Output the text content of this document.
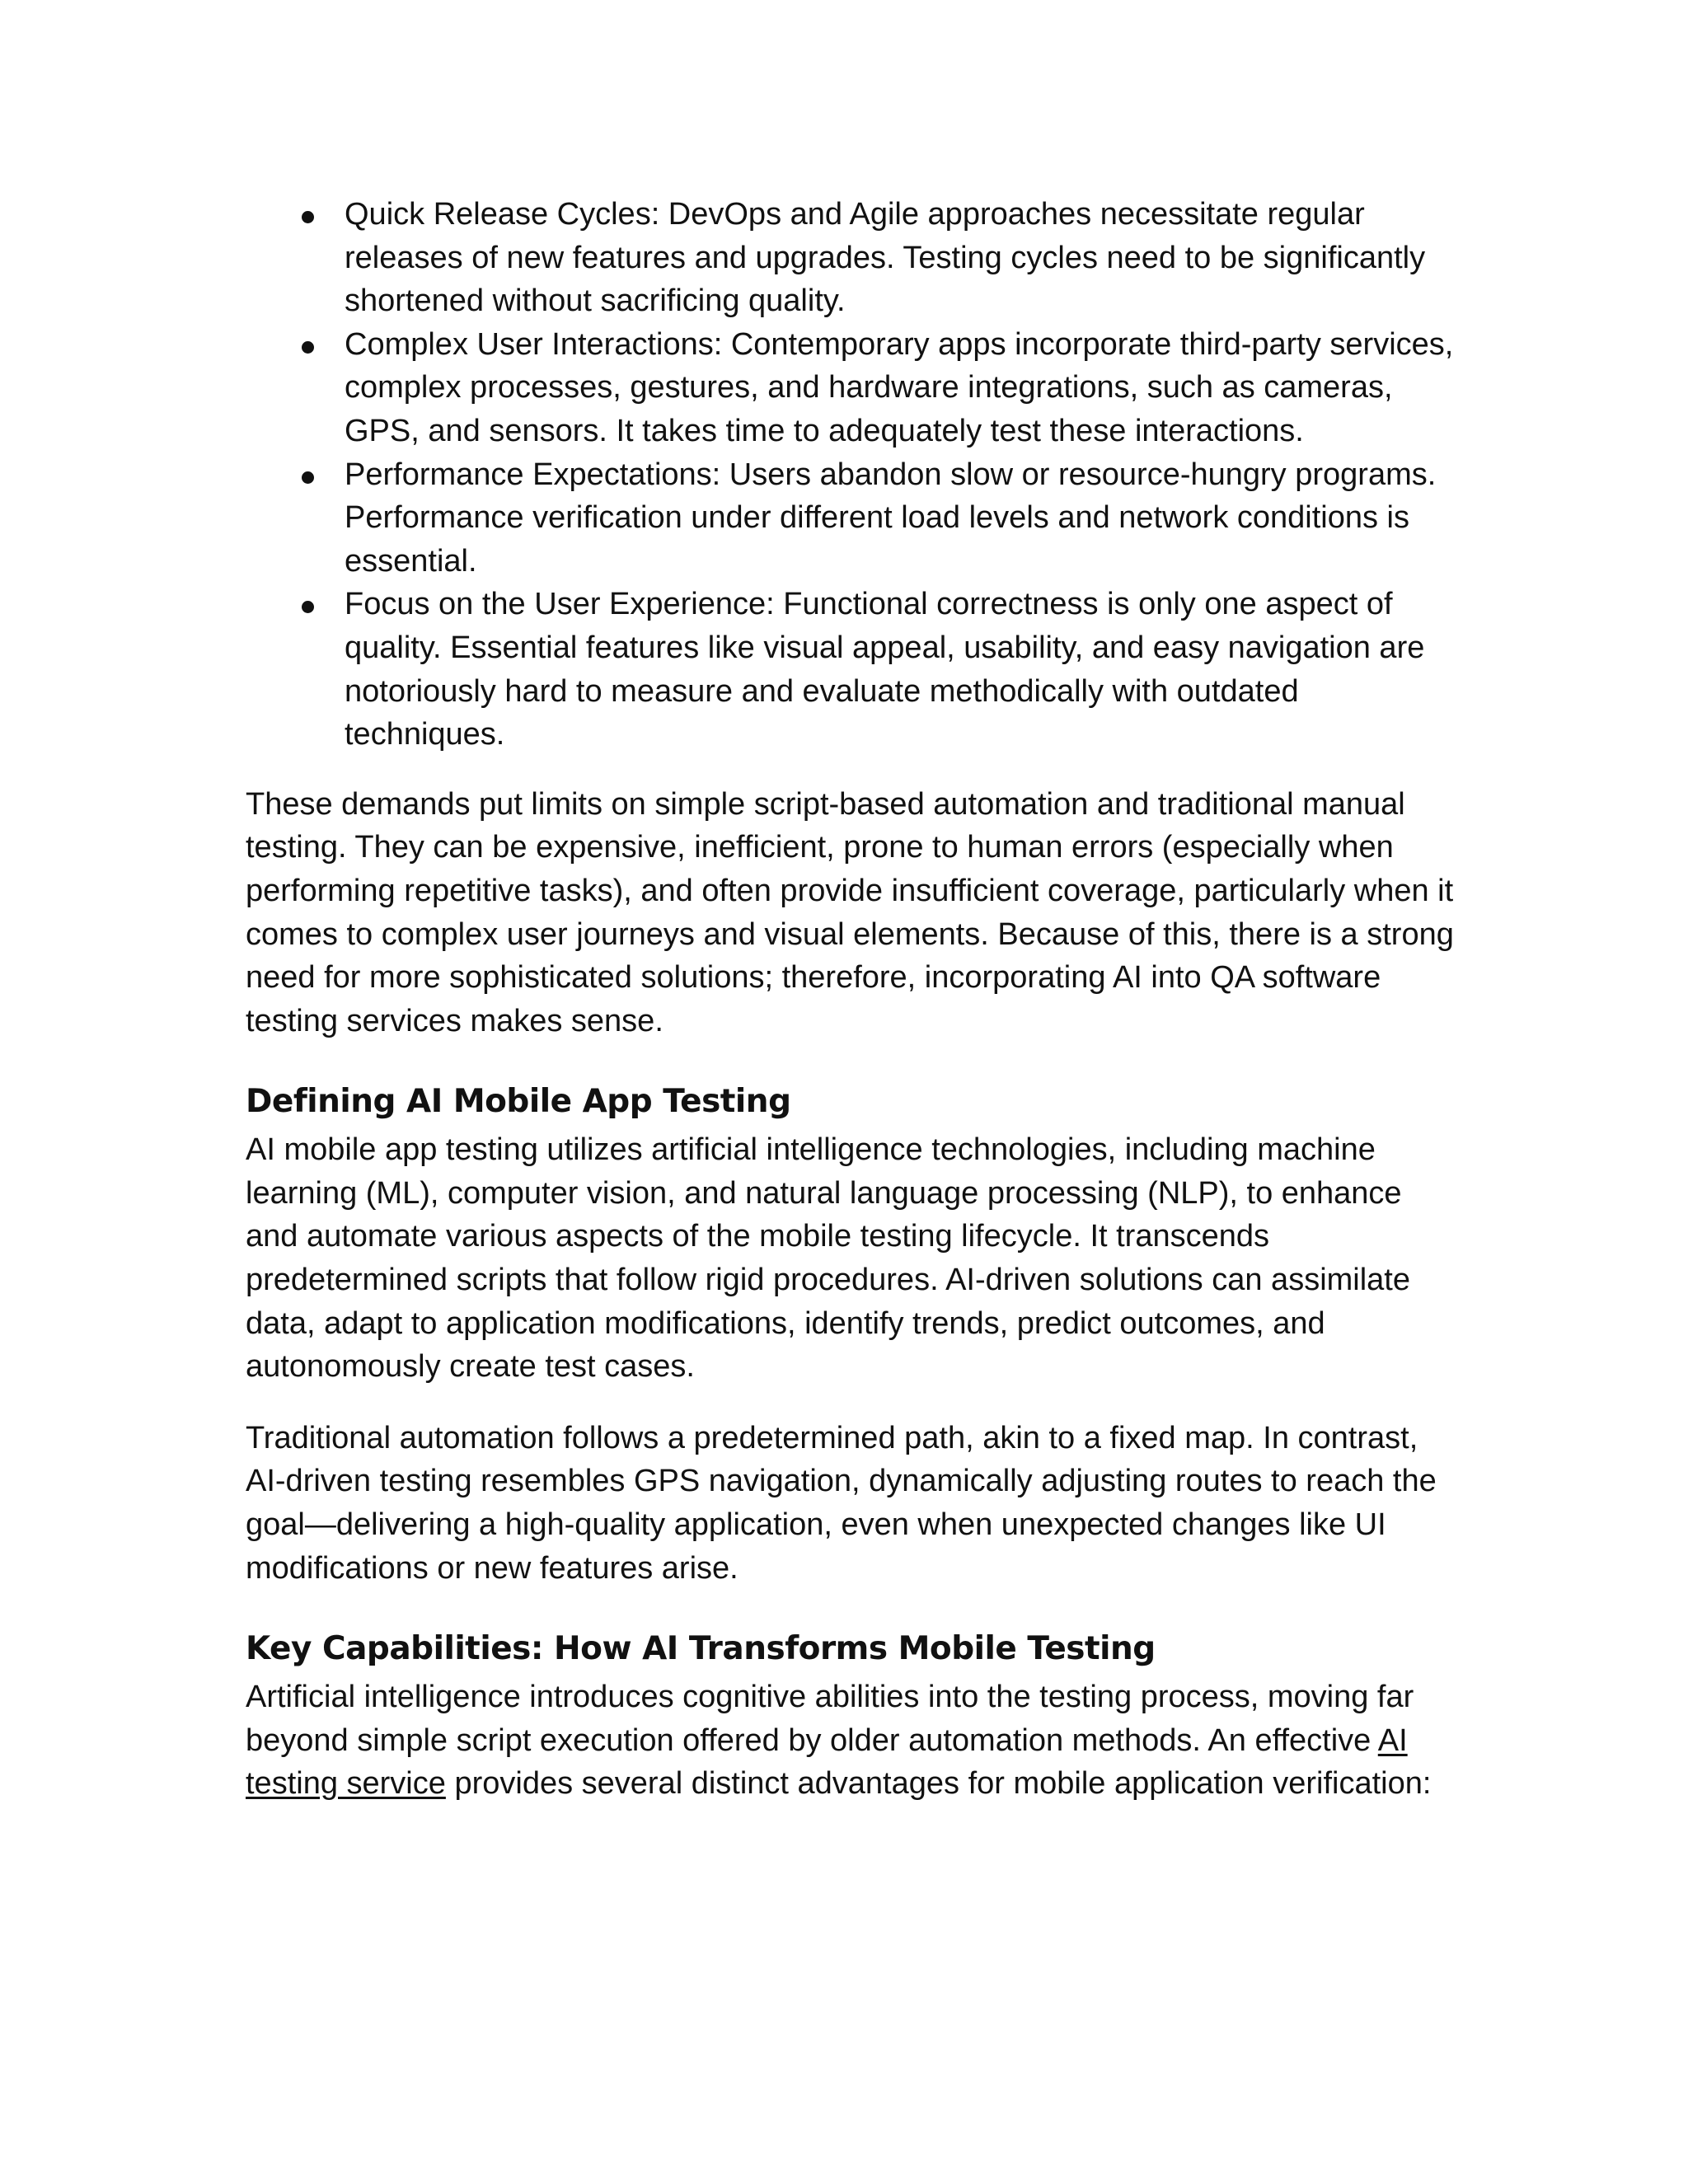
Quick Release Cycles: DevOps and Agile approaches necessitate regular releases of new features and upgrades. Testing cycles need to be significantly shortened without sacrificing quality.
Complex User Interactions: Contemporary apps incorporate third-party services, complex processes, gestures, and hardware integrations, such as cameras, GPS, and sensors. It takes time to adequately test these interactions.
Performance Expectations: Users abandon slow or resource-hungry programs. Performance verification under different load levels and network conditions is essential.
Focus on the User Experience: Functional correctness is only one aspect of quality. Essential features like visual appeal, usability, and easy navigation are notoriously hard to measure and evaluate methodically with outdated techniques.

These demands put limits on simple script-based automation and traditional manual testing. They can be expensive, inefficient, prone to human errors (especially when performing repetitive tasks), and often provide insufficient coverage, particularly when it comes to complex user journeys and visual elements. Because of this, there is a strong need for more sophisticated solutions; therefore, incorporating AI into QA software testing services makes sense.

Defining AI Mobile App Testing

AI mobile app testing utilizes artificial intelligence technologies, including machine learning (ML), computer vision, and natural language processing (NLP), to enhance and automate various aspects of the mobile testing lifecycle. It transcends predetermined scripts that follow rigid procedures. AI-driven solutions can assimilate data, adapt to application modifications, identify trends, predict outcomes, and autonomously create test cases.

Traditional automation follows a predetermined path, akin to a fixed map. In contrast, AI-driven testing resembles GPS navigation, dynamically adjusting routes to reach the goal—delivering a high-quality application, even when unexpected changes like UI modifications or new features arise.

Key Capabilities: How AI Transforms Mobile Testing

Artificial intelligence introduces cognitive abilities into the testing process, moving far beyond simple script execution offered by older automation methods. An effective AI testing service provides several distinct advantages for mobile application verification:
